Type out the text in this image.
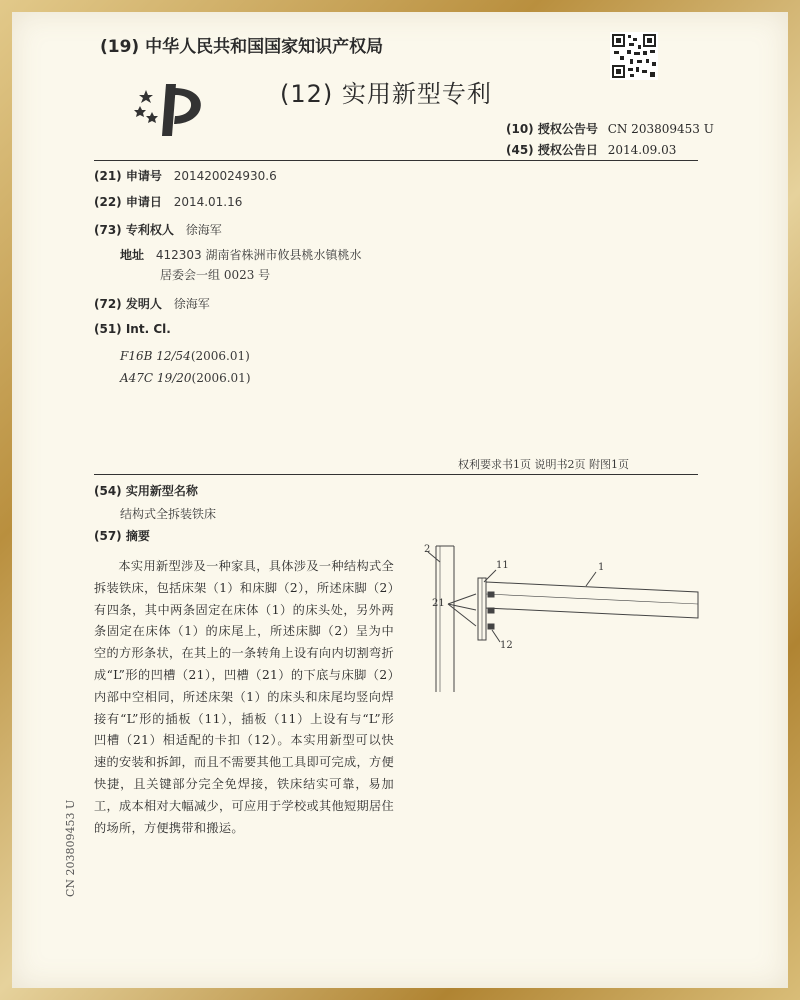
(19) 中华人民共和国国家知识产权局
(12) 实用新型专利
(10) 授权公告号 CN 203809453 U
(45) 授权公告日 2014.09.03
(21) 申请号 201420024930.6
(22) 申请日 2014.01.16
(73) 专利权人 徐海军
地址 412303 湖南省株洲市攸县桃水镇桃水
居委会一组 0023 号
(72) 发明人 徐海军
(51) Int. Cl.
F16B 12/54(2006.01)
A47C 19/20(2006.01)
权利要求书1页 说明书2页 附图1页
(54) 实用新型名称
结构式全拆装铁床
(57) 摘要
本实用新型涉及一种家具，具体涉及一种结构式全拆装铁床，包括床架（1）和床脚（2），所述床脚（2）有四条，其中两条固定在床体（1）的床头处，另外两条固定在床体（1）的床尾上，所述床脚（2）呈为中空的方形条状，在其上的一条转角上设有向内切割弯折成“L”形的凹槽（21），凹槽（21）的下底与床脚（2）内部中空相同，所述床架（1）的床头和床尾均竖向焊接有“L”形的插板（11），插板（11）上设有与“L”形凹槽（21）相适配的卡扣（12）。本实用新型可以快速的安装和拆卸，而且不需要其他工具即可完成，方便快捷，且关键部分完全免焊接，铁床结实可靠，易加工，成本相对大幅减少，可应用于学校或其他短期居住的场所，方便携带和搬运。
2
11	1
21
12
CN 203809453 U
